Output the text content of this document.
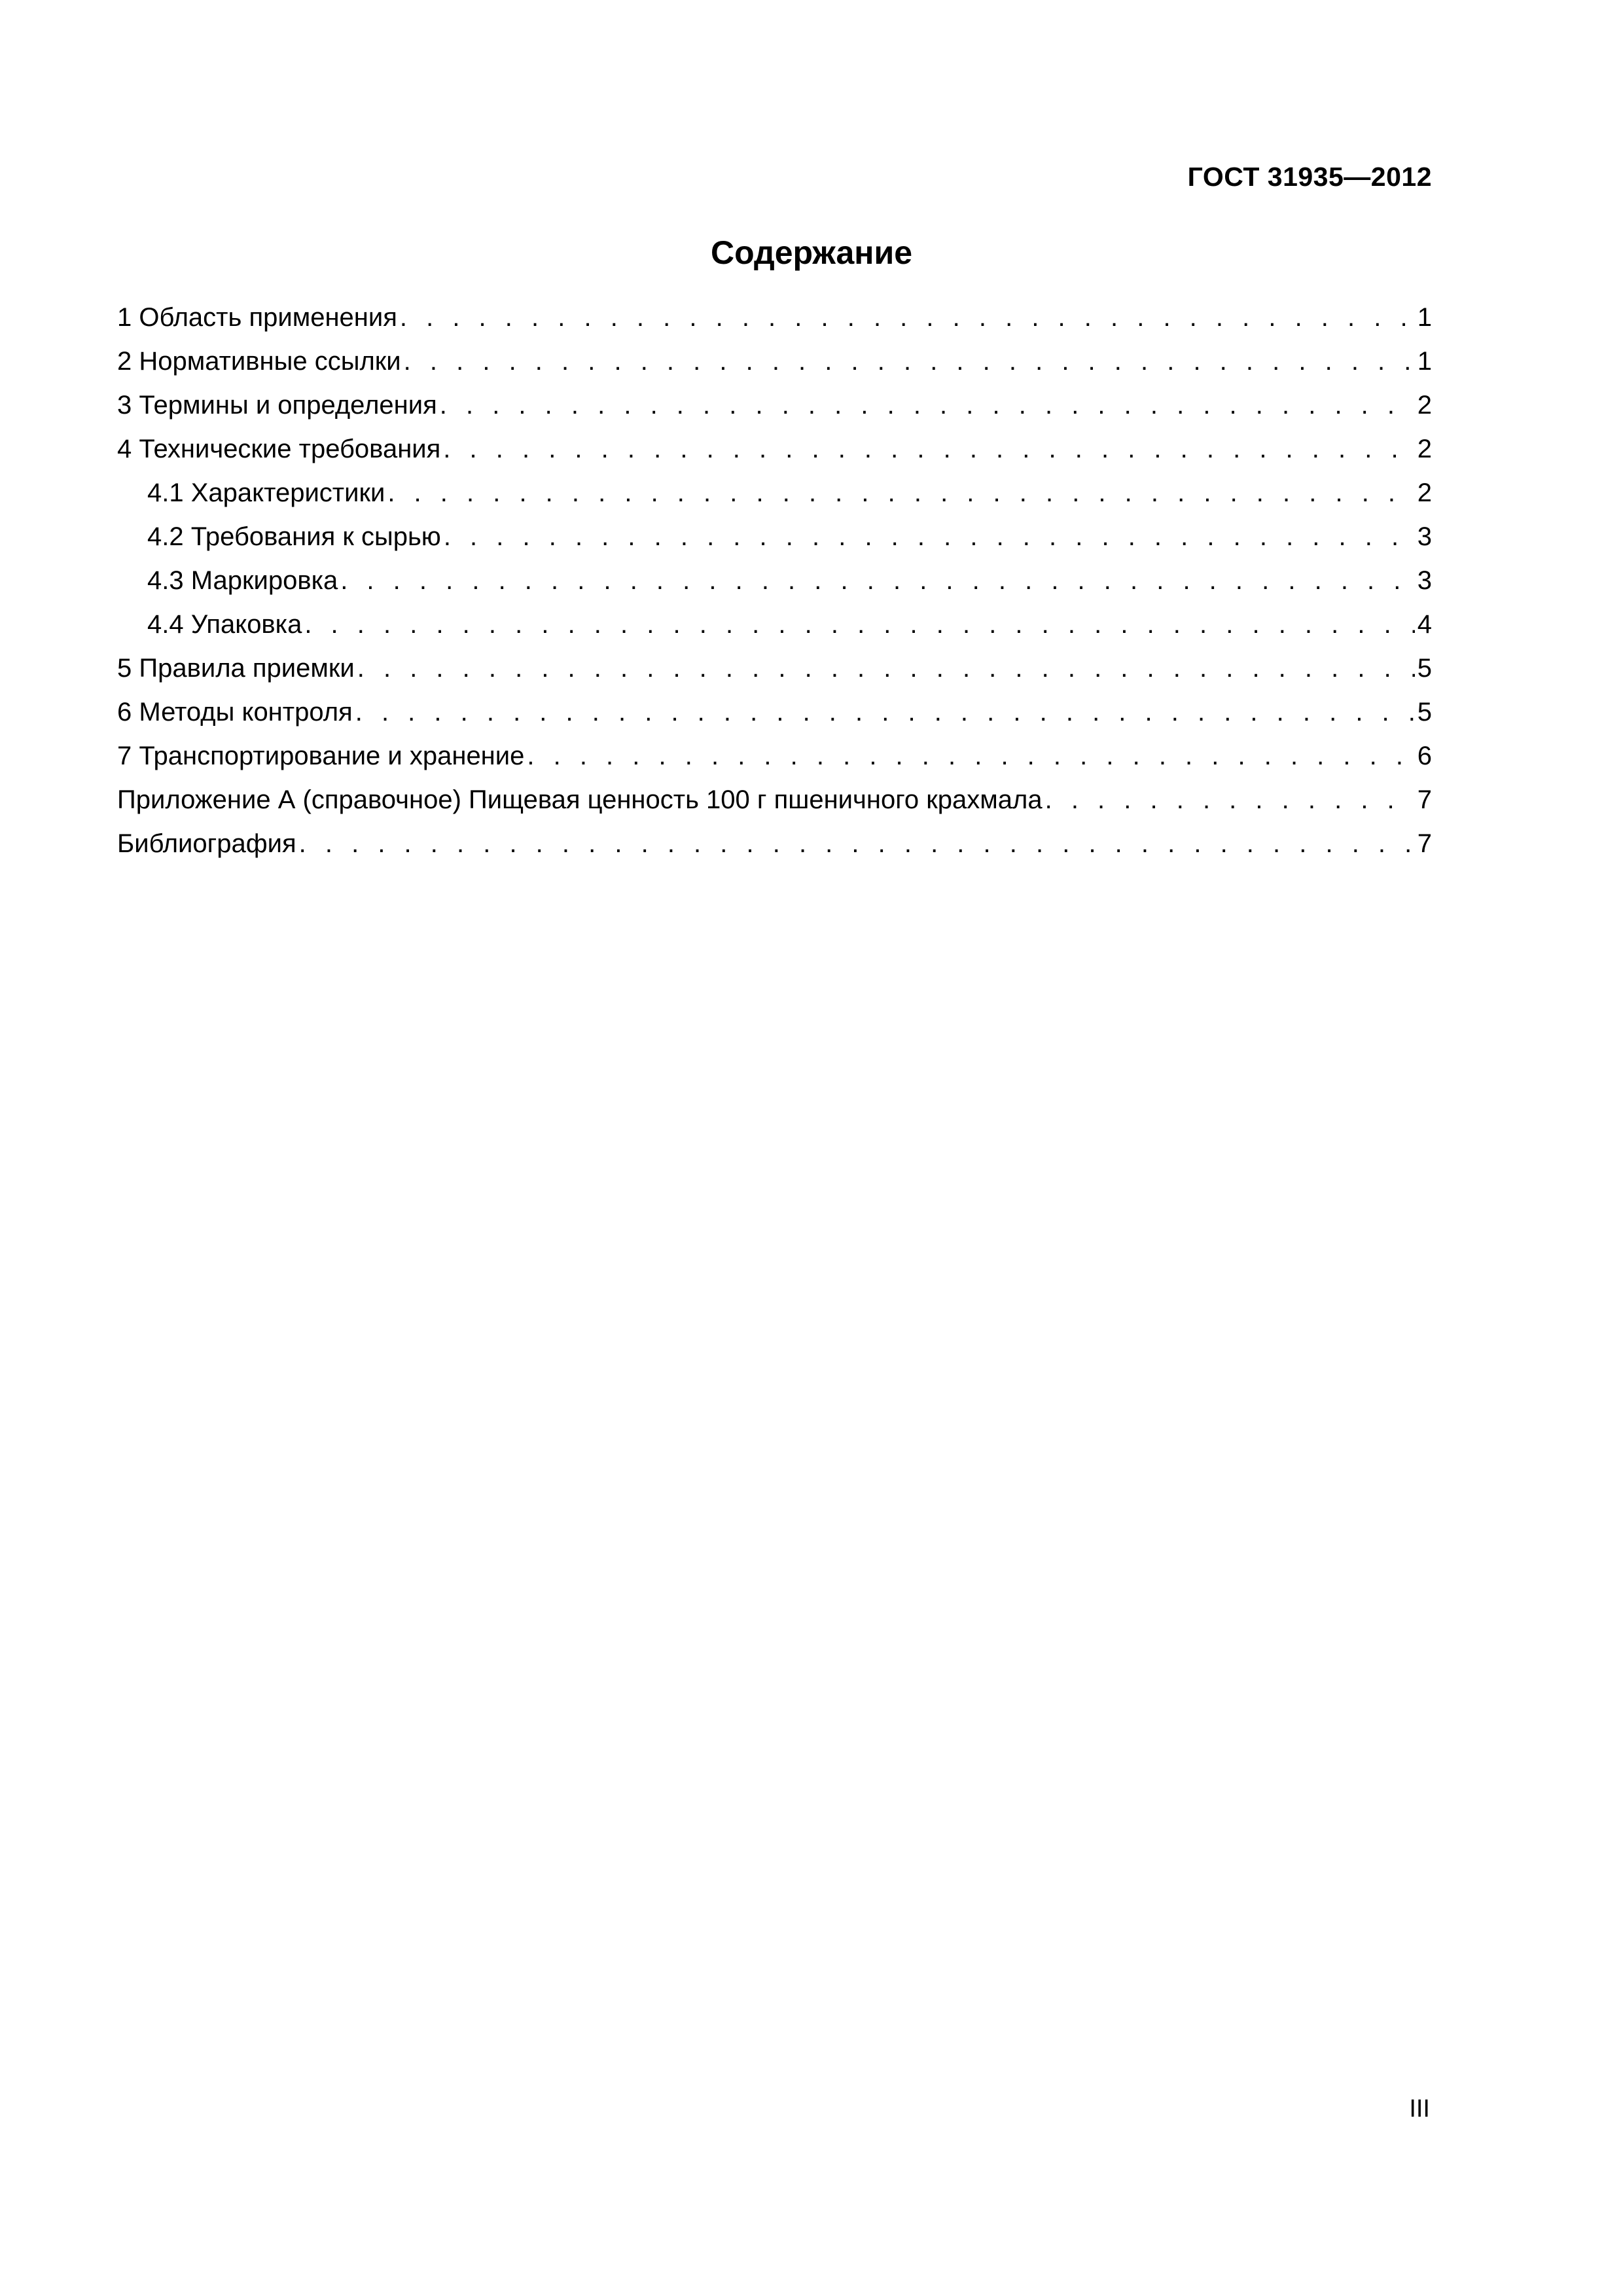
ГОСТ 31935—2012
Содержание
1 Область применения . . .	1
2 Нормативные ссылки . . .	1
3 Термины и определения . . .	2
4 Технические требования . . .	2
4.1 Характеристики . . .	2
4.2 Требования к сырью . . .	3
4.3 Маркировка . . .	3
4.4 Упаковка . . .	4
5 Правила приемки . . .	5
6 Методы контроля . . .	5
7 Транспортирование и хранение . . .	6
Приложение А (справочное) Пищевая ценность 100 г пшеничного крахмала . . .	7
Библиография . . .	7
III
